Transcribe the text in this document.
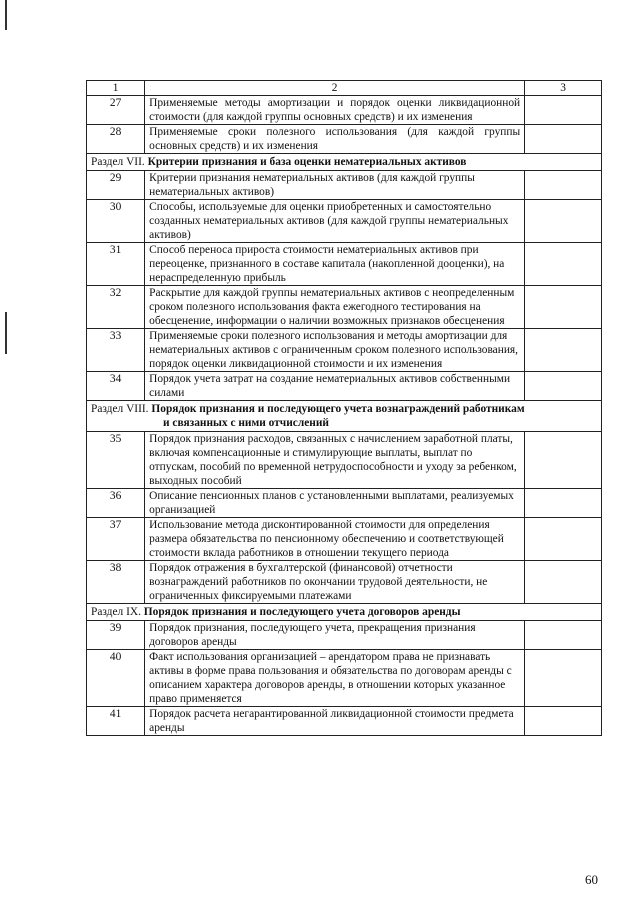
1	2	3
27	Применяемые методы амортизации и порядок оценки ликвидационной стоимости (для каждой группы основных средств) и их изменения	
28	Применяемые сроки полезного использования (для каждой группы основных средств) и их изменения	
Раздел VII. Критерии признания и база оценки нематериальных активов		
29	Критерии признания нематериальных активов (для каждой группы нематериальных активов)	
30	Способы, используемые для оценки приобретенных и самостоятельно созданных нематериальных активов (для каждой группы нематериальных активов)	
31	Способ переноса прироста стоимости нематериальных активов при переоценке, признанного в составе капитала (накопленной дооценки), на нераспределенную прибыль	
32	Раскрытие для каждой группы нематериальных активов с неопределенным сроком полезного использования факта ежегодного тестирования на обесценение, информации о наличии возможных признаков обесценения	
33	Применяемые сроки полезного использования и методы амортизации для нематериальных активов с ограниченным сроком полезного использования, порядок оценки ликвидационной стоимости и их изменения	
34	Порядок учета затрат на создание нематериальных активов собственными силами	
Раздел VIII. Порядок признания и последующего учета вознаграждений работникам
и связанных с ними отчислений		
35	Порядок признания расходов, связанных с начислением заработной платы, включая компенсационные и стимулирующие выплаты, выплат по отпускам, пособий по временной нетрудоспособности и уходу за ребенком, выходных пособий	
36	Описание пенсионных планов с установленными выплатами, реализуемых организацией	
37	Использование метода дисконтированной стоимости для определения размера обязательства по пенсионному обеспечению и соответствующей стоимости вклада работников в отношении текущего периода	
38	Порядок отражения в бухгалтерской (финансовой) отчетности вознаграждений работников по окончании трудовой деятельности, не ограниченных фиксируемыми платежами	
Раздел IX. Порядок признания и последующего учета договоров аренды		
39	Порядок признания, последующего учета, прекращения признания договоров аренды	
40	Факт использования организацией – арендатором права не признавать активы в форме права пользования и обязательства по договорам аренды с описанием характера договоров аренды, в отношении которых указанное право применяется	
41	Порядок расчета негарантированной ликвидационной стоимости предмета аренды	
60
